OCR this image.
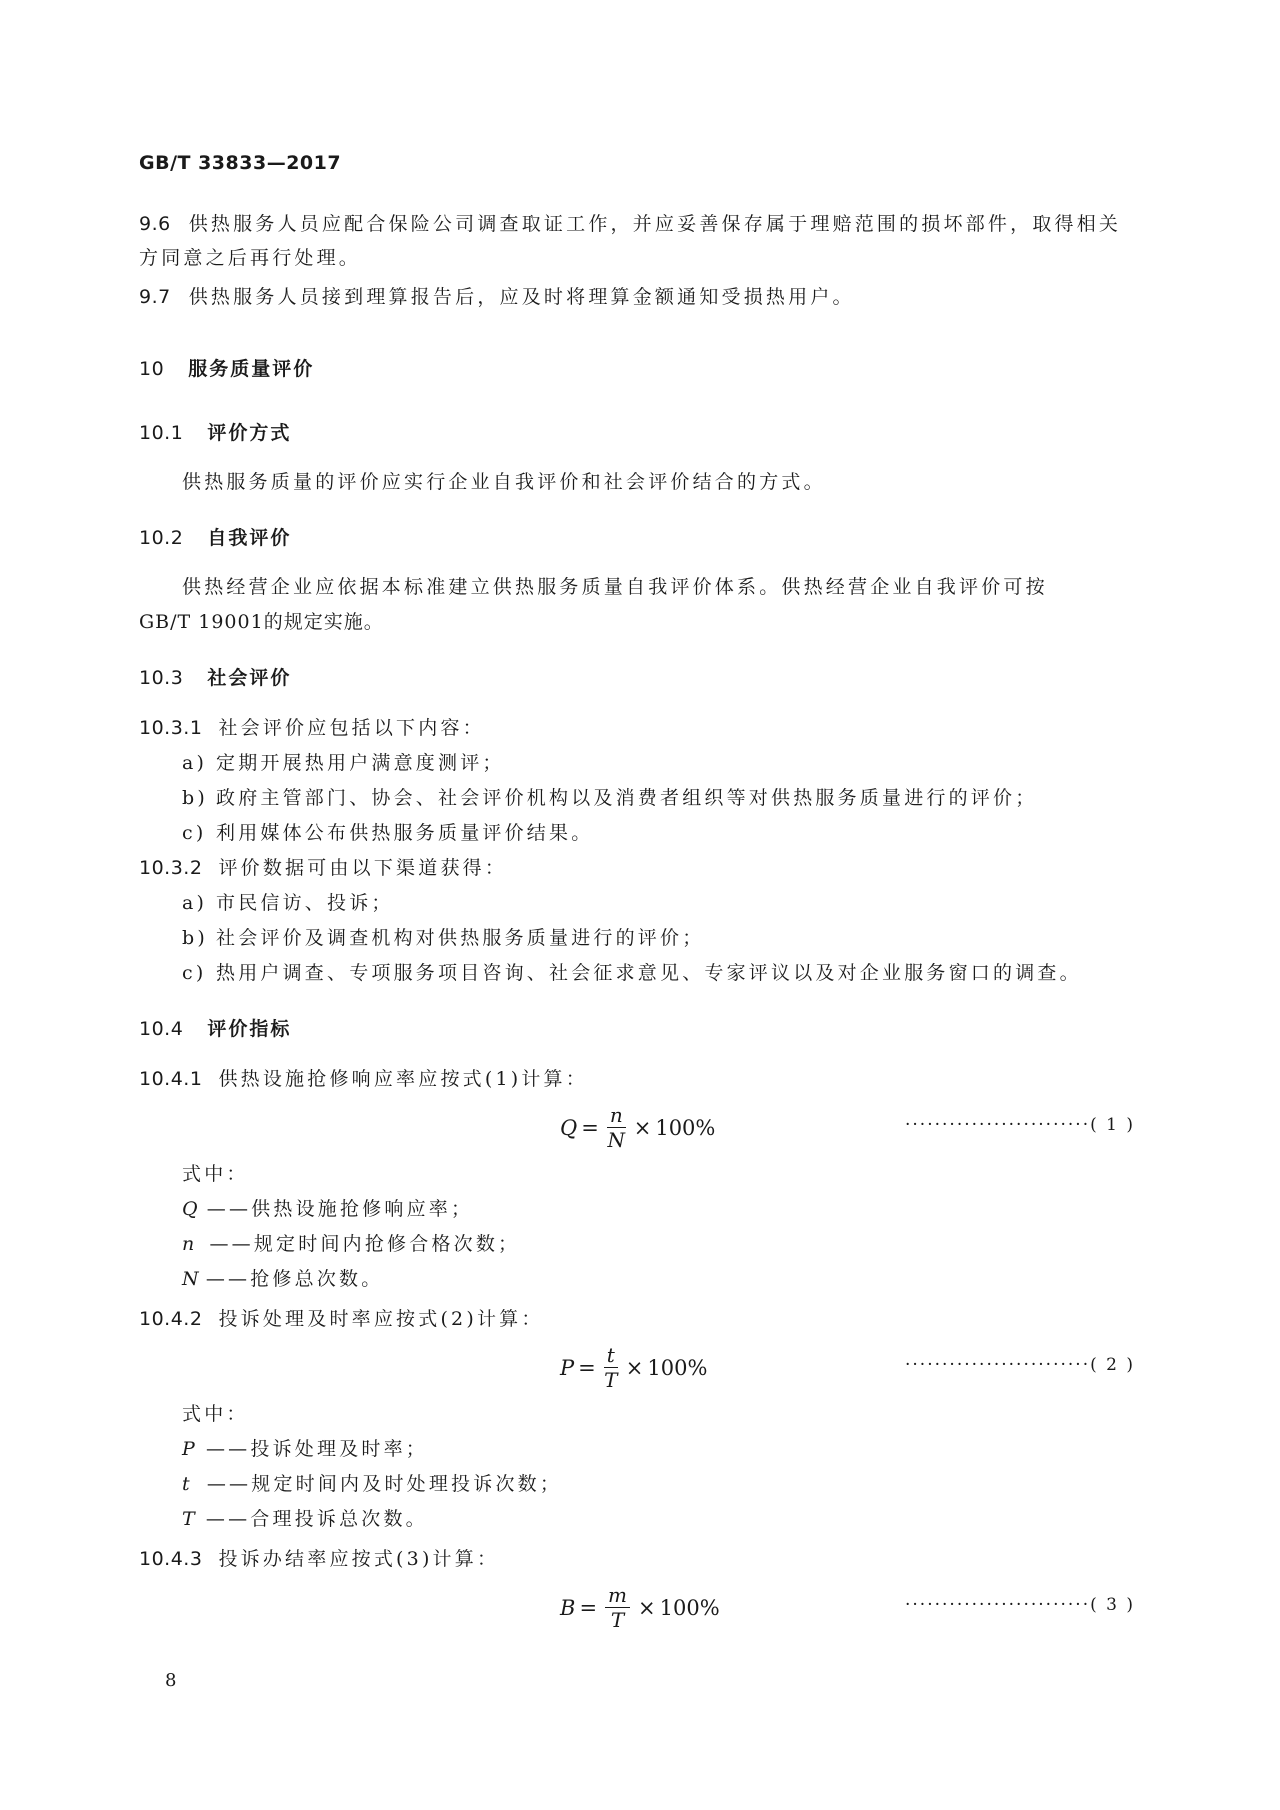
GB/T 33833—2017
9.6 供热服务人员应配合保险公司调查取证工作，并应妥善保存属于理赔范围的损坏部件，取得相关
方同意之后再行处理。
9.7 供热服务人员接到理算报告后，应及时将理算金额通知受损热用户。
10 服务质量评价
10.1 评价方式
供热服务质量的评价应实行企业自我评价和社会评价结合的方式。
10.2 自我评价
供热经营企业应依据本标准建立供热服务质量自我评价体系。供热经营企业自我评价可按
GB/T 19001的规定实施。
10.3 社会评价
10.3.1 社会评价应包括以下内容：
a) 定期开展热用户满意度测评；
b) 政府主管部门、协会、社会评价机构以及消费者组织等对供热服务质量进行的评价；
c) 利用媒体公布供热服务质量评价结果。
10.3.2 评价数据可由以下渠道获得：
a) 市民信访、投诉；
b) 社会评价及调查机构对供热服务质量进行的评价；
c) 热用户调查、专项服务项目咨询、社会征求意见、专家评议以及对企业服务窗口的调查。
10.4 评价指标
10.4.1 供热设施抢修响应率应按式(1)计算：
$Q = \frac{n}{N} \times 100\%$	·························( 1 )
式中：
Q ——供热设施抢修响应率；
n ——规定时间内抢修合格次数；
N ——抢修总次数。
10.4.2 投诉处理及时率应按式(2)计算：
$P = \frac{t}{T} \times 100\%$	·························( 2 )
式中：
P ——投诉处理及时率；
t ——规定时间内及时处理投诉次数；
T ——合理投诉总次数。
10.4.3 投诉办结率应按式(3)计算：
$B = \frac{m}{T} \times 100\%$	·························( 3 )
8
